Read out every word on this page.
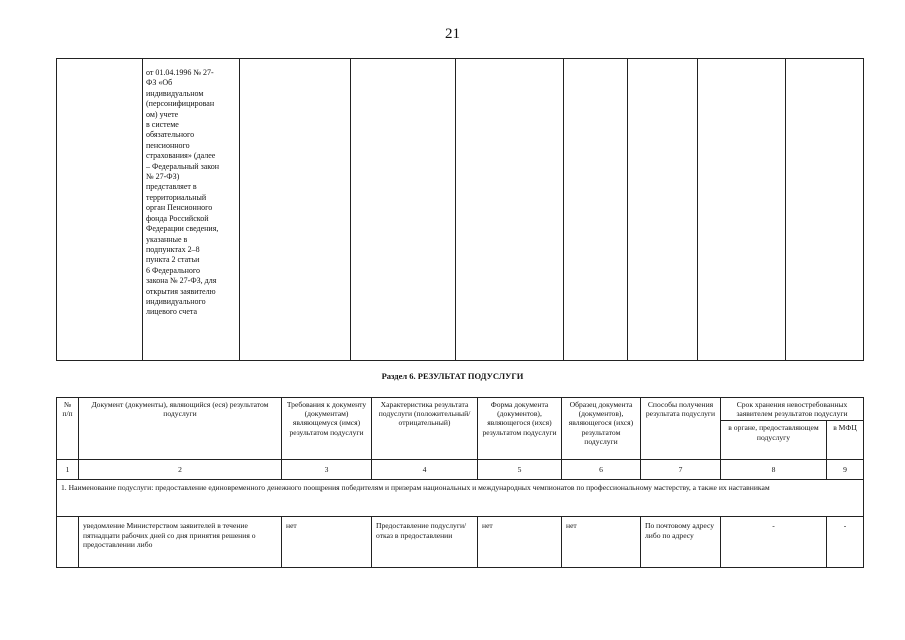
21

от 01.04.1996 № 27-
ФЗ «Об
индивидуальном
(персонифицирован
ом) учете
в системе
обязательного
пенсионного
страхования» (далее
– Федеральный закон
№ 27-ФЗ)
представляет в
территориальный
орган Пенсионного
фонда Российской
Федерации сведения,
указанные в
подпунктах 2–8
пункта 2 статьи
6 Федерального
закона № 27-ФЗ, для
открытия заявителю
индивидуального
лицевого счета

Раздел 6. РЕЗУЛЬТАТ ПОДУСЛУГИ
№
п/п	Документ (документы), являющийся (еся) результатом подуслуги	Требования к документу (документам) являющемуся (имся) результатом подуслуги	Характеристика результата подуслуги (положительный/отрицательный)	Форма документа (документов), являющегося (ихся) результатом подуслуги	Образец документа (документов), являющегося (ихся) результатом подуслуги	Способы получения результата подуслуги	Срок хранения невостребованных заявителем результатов подуслуги	
							в органе, предоставляющем подуслугу	в МФЦ
1	2	3	4	5	6	7	8	9
1. Наименование подуслуги: предоставление единовременного денежного поощрения победителям и призерам национальных и международных чемпионатов по профессиональному мастерству, а также их наставникам								
	уведомление Министерством заявителей в течение пятнадцати рабочих дней со дня принятия решения о предоставлении либо	нет	Предоставление подуслуги/отказ в предоставлении	нет	нет	По почтовому адресу либо по адресу	-	-
